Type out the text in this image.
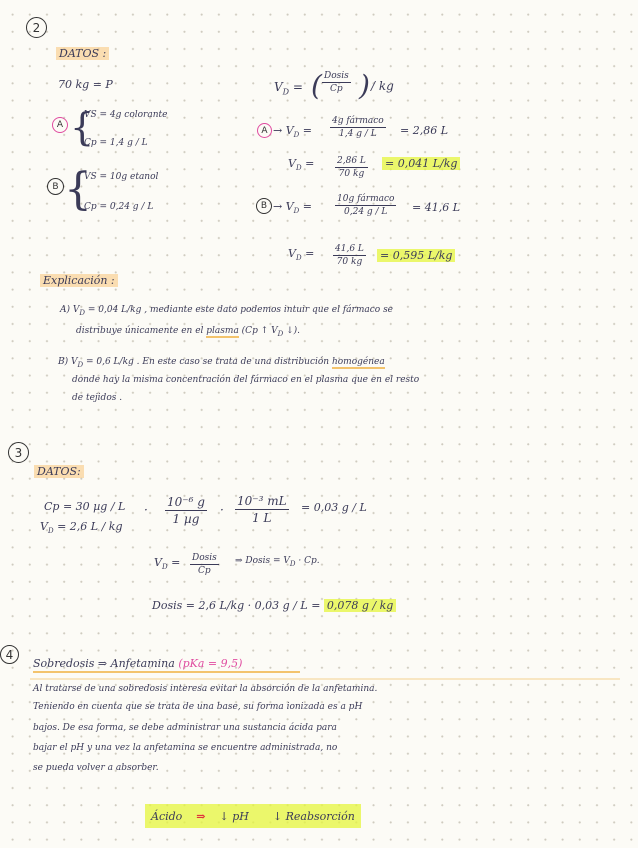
2
DATOS :
70 kg = P	$V_D$ = ( Dosis
Cp ) / kg
A {
VS = 4g colorante
Cp = 1,4 g / L
B {
VS = 10g etanol
Cp = 0,24 g / L
$A \to V_D$ =
4g fármaco
1,4 g / L = 2,86 L
$V_D$ =	2,86 L
70 kg
= 0,041 L/kg
$B \to V_D$ =
10g fármaco
0,24 g / L = 41,6 L
$V_D = 41,6$ L
70 kg = 0,595 L/kg
Explicación :
A) $V_D = 0,04$ L/kg , mediante este dato podemos intuir que el fármaco se
distribuye únicamente en el plasma (Cp ↑ $V_D$ ↓).
B) $V_D = 0,6$ L/kg . En este caso se trata de una distribución homogénea
donde hay la misma concentración del fármaco en el plasma que en el resto
de tejidos .
3
DATOS:
Cp = 30 µg / L
$V_D = 2,6$ L / kg
·
10⁻⁶ g
1 µg
·
10⁻³ mL
1 L
= 0,03 g / L
$V_D$ = Dosis
Cp
⇒ Dosis = $V_D \cdot Cp$.
Dosis = 2,6 L/kg · 0,03 g / L = 0,078 g / kg
4
Sobredosis ⇒ Anfetamina (pKa = 9,5)
Al tratarse de una sobredosis interesa evitar la absorción de la anfetamina.
Teniendo en cuenta que se trata de una base, su forma ionizada es a pH
bajos. De esa forma, se debe administrar una sustancia ácida para
bajar el pH y una vez la anfetamina se encuentre administrada, no
se pueda volver a absorber.
Ácido ⇒ ↓ pH ↓ Reabsorción
